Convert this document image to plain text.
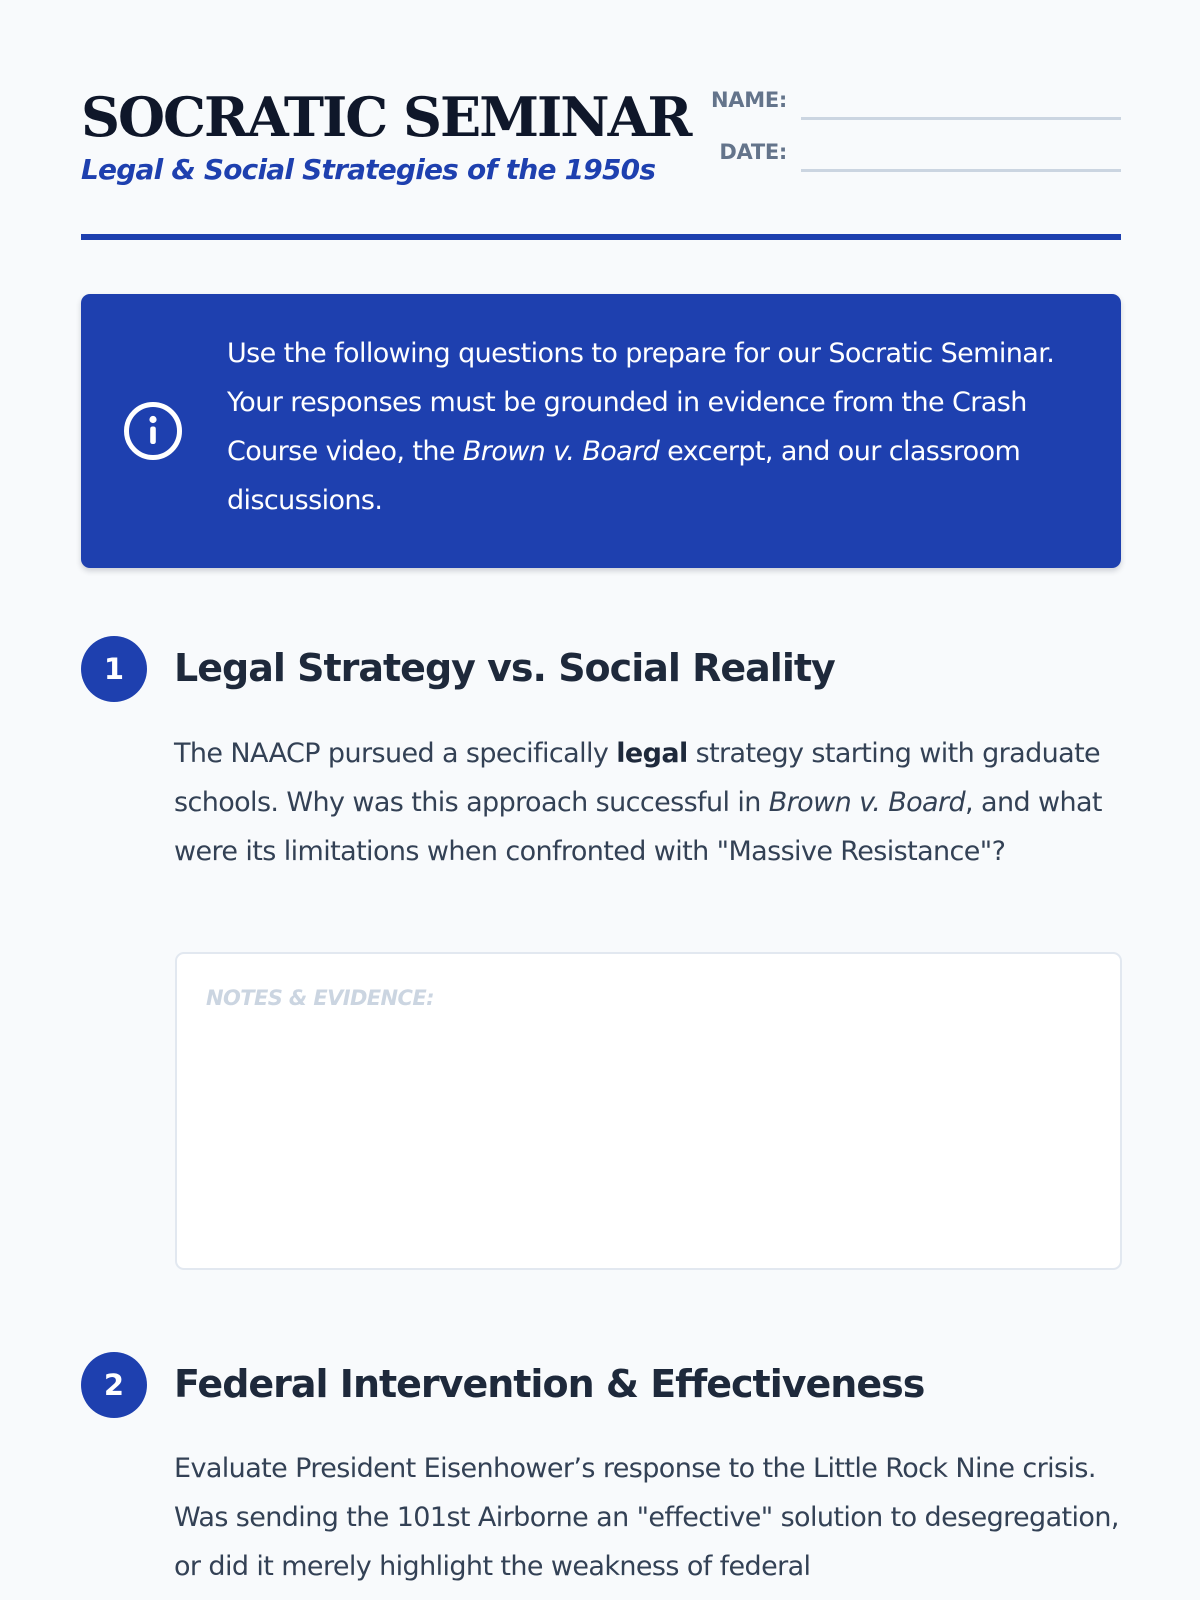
SOCRATIC SEMINAR
Legal & Social Strategies of the 1950s
NAME:
DATE:

Use the following questions to prepare for our Socratic Seminar. Your responses must be grounded in evidence from the Crash Course video, the Brown v. Board excerpt, and our classroom discussions.

1	Legal Strategy vs. Social Reality

The NAACP pursued a specifically legal strategy starting with graduate schools. Why was this approach successful in Brown v. Board, and what were its limitations when confronted with "Massive Resistance"?

NOTES & EVIDENCE:
2	Federal Intervention & Effectiveness

Evaluate President Eisenhower’s response to the Little Rock Nine crisis. Was sending the 101st Airborne an "effective" solution to desegregation, or did it merely highlight the weakness of federal
